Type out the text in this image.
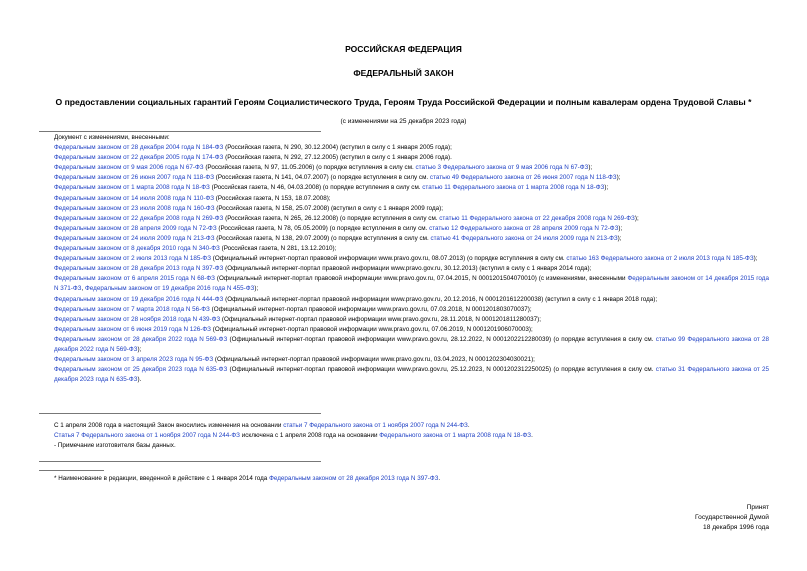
РОССИЙСКАЯ ФЕДЕРАЦИЯ
ФЕДЕРАЛЬНЫЙ ЗАКОН
О предоставлении социальных гарантий Героям Социалистического Труда, Героям Труда Российской Федерации и полным кавалерам ордена Трудовой Славы *
(с изменениями на 25 декабря 2023 года)
Документ с изменениями, внесенными:
Федеральным законом от 28 декабря 2004 года N 184-ФЗ (Российская газета, N 290, 30.12.2004) (вступил в силу с 1 января 2005 года);
Федеральным законом от 22 декабря 2005 года N 174-ФЗ (Российская газета, N 292, 27.12.2005) (вступил в силу с 1 января 2006 года).
Федеральным законом от 9 мая 2006 года N 67-ФЗ (Российская газета, N 97, 11.05.2006) (о порядке вступления в силу см. статью 3 Федерального закона от 9 мая 2006 года N 67-ФЗ);
Федеральным законом от 26 июня 2007 года N 118-ФЗ (Российская газета, N 141, 04.07.2007) (о порядке вступления в силу см. статью 49 Федерального закона от 26 июня 2007 года N 118-ФЗ);
Федеральным законом от 1 марта 2008 года N 18-ФЗ (Российская газета, N 46, 04.03.2008) (о порядке вступления в силу см. статью 11 Федерального закона от 1 марта 2008 года N 18-ФЗ);
Федеральным законом от 14 июля 2008 года N 110-ФЗ (Российская газета, N 153, 18.07.2008);
Федеральным законом от 23 июля 2008 года N 160-ФЗ (Российская газета, N 158, 25.07.2008) (вступил в силу с 1 января 2009 года);
Федеральным законом от 22 декабря 2008 года N 269-ФЗ (Российская газета, N 265, 26.12.2008) (о порядке вступления в силу см. статью 11 Федерального закона от 22 декабря 2008 года N 269-ФЗ);
Федеральным законом от 28 апреля 2009 года N 72-ФЗ (Российская газета, N 78, 05.05.2009) (о порядке вступления в силу см. статью 12 Федерального закона от 28 апреля 2009 года N 72-ФЗ);
Федеральным законом от 24 июля 2009 года N 213-ФЗ (Российская газета, N 138, 29.07.2009) (о порядке вступления в силу см. статью 41 Федерального закона от 24 июля 2009 года N 213-ФЗ);
Федеральным законом от 8 декабря 2010 года N 340-ФЗ (Российская газета, N 281, 13.12.2010);
Федеральным законом от 2 июля 2013 года N 185-ФЗ (Официальный интернет-портал правовой информации www.pravo.gov.ru, 08.07.2013) (о порядке вступления в силу см. статью 163 Федерального закона от 2 июля 2013 года N 185-ФЗ);
Федеральным законом от 28 декабря 2013 года N 397-ФЗ (Официальный интернет-портал правовой информации www.pravo.gov.ru, 30.12.2013) (вступил в силу с 1 января 2014 года);
Федеральным законом от 6 апреля 2015 года N 68-ФЗ (Официальный интернет-портал правовой информации www.pravo.gov.ru, 07.04.2015, N 0001201504070010) (с изменениями, внесенными Федеральным законом от 14 декабря 2015 года N 371-ФЗ, Федеральным законом от 19 декабря 2016 года N 455-ФЗ);
Федеральным законом от 19 декабря 2016 года N 444-ФЗ (Официальный интернет-портал правовой информации www.pravo.gov.ru, 20.12.2016, N 0001201612200038) (вступил в силу с 1 января 2018 года);
Федеральным законом от 7 марта 2018 года N 56-ФЗ (Официальный интернет-портал правовой информации www.pravo.gov.ru, 07.03.2018, N 0001201803070037);
Федеральным законом от 28 ноября 2018 года N 439-ФЗ (Официальный интернет-портал правовой информации www.pravo.gov.ru, 28.11.2018, N 0001201811280037);
Федеральным законом от 6 июня 2019 года N 126-ФЗ (Официальный интернет-портал правовой информации www.pravo.gov.ru, 07.06.2019, N 0001201906070003);
Федеральным законом от 28 декабря 2022 года N 569-ФЗ (Официальный интернет-портал правовой информации www.pravo.gov.ru, 28.12.2022, N 0001202212280039) (о порядке вступления в силу см. статью 99 Федерального закона от 28 декабря 2022 года N 569-ФЗ);
Федеральным законом от 3 апреля 2023 года N 95-ФЗ (Официальный интернет-портал правовой информации www.pravo.gov.ru, 03.04.2023, N 0001202304030021);
Федеральным законом от 25 декабря 2023 года N 635-ФЗ (Официальный интернет-портал правовой информации www.pravo.gov.ru, 25.12.2023, N 0001202312250025) (о порядке вступления в силу см. статью 31 Федерального закона от 25 декабря 2023 года N 635-ФЗ).
С 1 апреля 2008 года в настоящий Закон вносились изменения на основании статьи 7 Федерального закона от 1 ноября 2007 года N 244-ФЗ.
Статья 7 Федерального закона от 1 ноября 2007 года N 244-ФЗ исключена с 1 апреля 2008 года на основании Федерального закона от 1 марта 2008 года N 18-ФЗ.
- Примечание изготовителя базы данных.
* Наименование в редакции, введенной в действие с 1 января 2014 года Федеральным законом от 28 декабря 2013 года N 397-ФЗ.
Принят
Государственной Думой
18 декабря 1996 года
